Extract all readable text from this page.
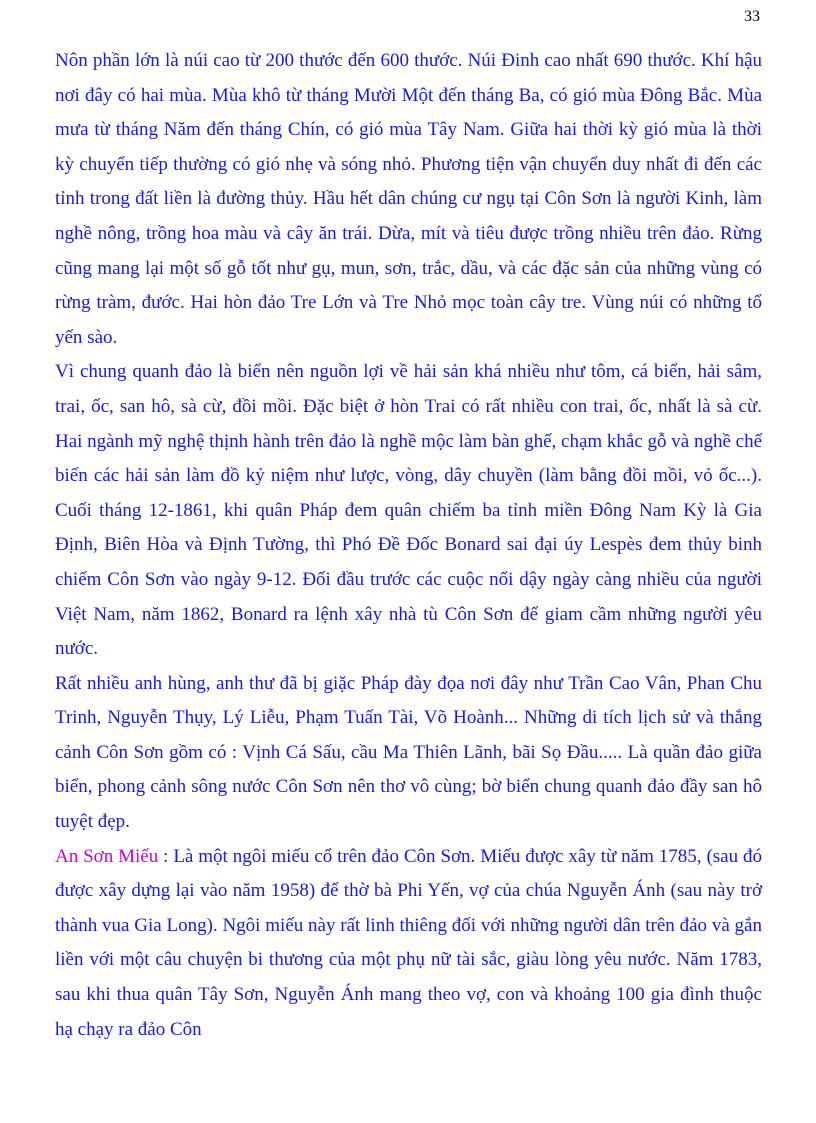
33

Nôn phần lớn là núi cao từ 200 thước đến 600 thước. Núi Đinh cao nhất 690 thước. Khí hậu nơi đây có hai mùa. Mùa khô từ tháng Mười Một đến tháng Ba, có gió mùa Đông Bắc. Mùa mưa từ tháng Năm đến tháng Chín, có gió mùa Tây Nam. Giữa hai thời kỳ gió mùa là thời kỳ chuyển tiếp thường có gió nhẹ và sóng nhỏ. Phương tiện vận chuyển duy nhất đi đến các tỉnh trong đất liền là đường thủy. Hầu hết dân chúng cư ngụ tại Côn Sơn là người Kinh, làm nghề nông, trồng hoa màu và cây ăn trái. Dừa, mít và tiêu được trồng nhiều trên đảo. Rừng cũng mang lại một số gỗ tốt như gụ, mun, sơn, trắc, dầu, và các đặc sản của những vùng có rừng tràm, đước. Hai hòn đảo Tre Lớn và Tre Nhỏ mọc toàn cây tre. Vùng núi có những tổ yến sào.

Vì chung quanh đảo là biển nên nguồn lợi về hải sản khá nhiều như tôm, cá biển, hải sâm, trai, ốc, san hô, sà cừ, đồi mồi. Đặc biệt ở hòn Trai có rất nhiều con trai, ốc, nhất là sà cừ. Hai ngành mỹ nghệ thịnh hành trên đảo là nghề mộc làm bàn ghế, chạm khắc gỗ và nghề chế biến các hải sản làm đồ kỷ niệm như lược, vòng, dây chuyền (làm bằng đồi mồi, vỏ ốc...). Cuối tháng 12-1861, khi quân Pháp đem quân chiếm ba tỉnh miền Đông Nam Kỳ là Gia Định, Biên Hòa và Định Tường, thì Phó Đề Đốc Bonard sai đại úy Lespès đem thủy binh chiếm Côn Sơn vào ngày 9-12. Đối đầu trước các cuộc nổi dậy ngày càng nhiều của người Việt Nam, năm 1862, Bonard ra lệnh xây nhà tù Côn Sơn để giam cầm những người yêu nước.

Rất nhiều anh hùng, anh thư đã bị giặc Pháp đày đọa nơi đây như Trần Cao Vân, Phan Chu Trinh, Nguyễn Thụy, Lý Liễu, Phạm Tuấn Tài, Võ Hoành... Những di tích lịch sử và thắng cảnh Côn Sơn gồm có : Vịnh Cá Sấu, cầu Ma Thiên Lãnh, bãi Sọ Đầu..... Là quần đảo giữa biển, phong cảnh sông nước Côn Sơn nên thơ vô cùng; bờ biển chung quanh đảo đầy san hô tuyệt đẹp.

An Sơn Miếu : Là một ngôi miếu cổ trên đảo Côn Sơn. Miếu được xây từ năm 1785, (sau đó được xây dựng lại vào năm 1958) để thờ bà Phi Yến, vợ của chúa Nguyễn Ánh (sau này trở thành vua Gia Long). Ngôi miếu này rất linh thiêng đối với những người dân trên đảo và gắn liền với một câu chuyện bi thương của một phụ nữ tài sắc, giàu lòng yêu nước. Năm 1783, sau khi thua quân Tây Sơn, Nguyễn Ánh mang theo vợ, con và khoảng 100 gia đình thuộc hạ chạy ra đảo Côn
